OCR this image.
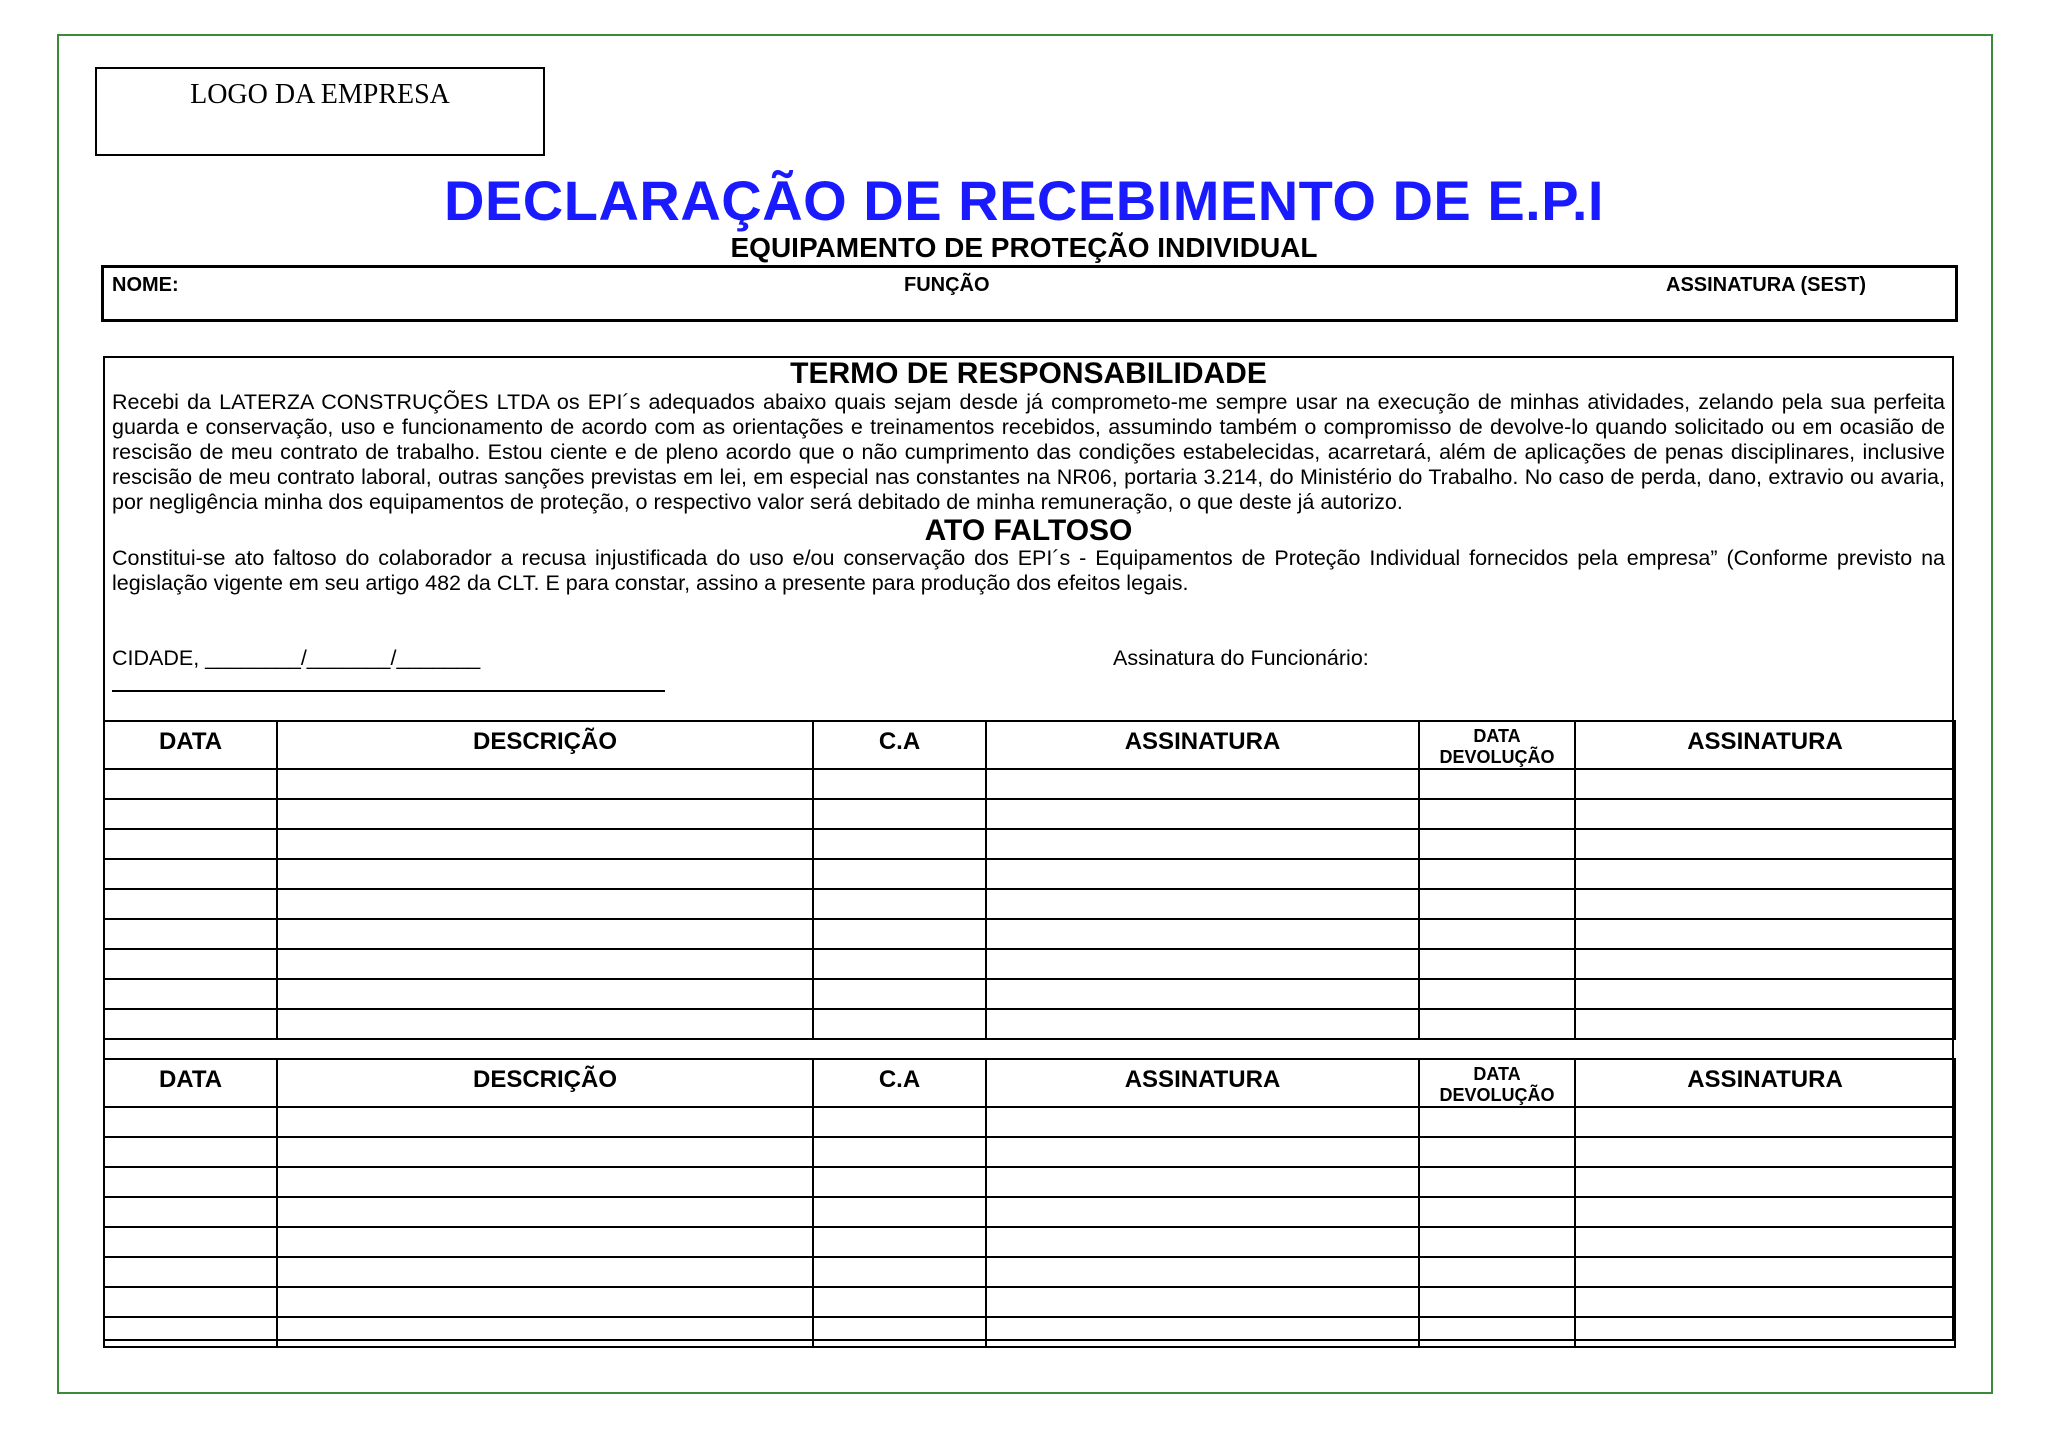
LOGO DA EMPRESA
DECLARAÇÃO DE RECEBIMENTO DE E.P.I
EQUIPAMENTO DE PROTEÇÃO INDIVIDUAL
NOME:	FUNÇÃO	ASSINATURA (SEST)
TERMO DE RESPONSABILIDADE
Recebi da LATERZA CONSTRUÇÕES LTDA os EPI´s adequados abaixo quais sejam desde já comprometo-me sempre usar na execução de minhas atividades, zelando pela sua perfeita guarda e conservação, uso e funcionamento de acordo com as orientações e treinamentos recebidos, assumindo também o compromisso de devolve-lo quando solicitado ou em ocasião de rescisão de meu contrato de trabalho. Estou ciente e de pleno acordo que o não cumprimento das condições estabelecidas, acarretará, além de aplicações de penas disciplinares, inclusive rescisão de meu contrato laboral, outras sanções previstas em lei, em especial nas constantes na NR06, portaria 3.214, do Ministério do Trabalho. No caso de perda, dano, extravio ou avaria, por negligência minha dos equipamentos de proteção, o respectivo valor será debitado de minha remuneração, o que deste já autorizo.
ATO FALTOSO
Constitui-se ato faltoso do colaborador a recusa injustificada do uso e/ou conservação dos EPI´s - Equipamentos de Proteção Individual fornecidos pela empresa” (Conforme previsto na legislação vigente em seu artigo 482 da CLT. E para constar, assino a presente para produção dos efeitos legais.
CIDADE, ________/_______/_______	Assinatura do Funcionário:
DATA	DESCRIÇÃO	C.A	ASSINATURA	DATA DEVOLUÇÃO	ASSINATURA

DATA	DESCRIÇÃO	C.A	ASSINATURA	DATA DEVOLUÇÃO	ASSINATURA
